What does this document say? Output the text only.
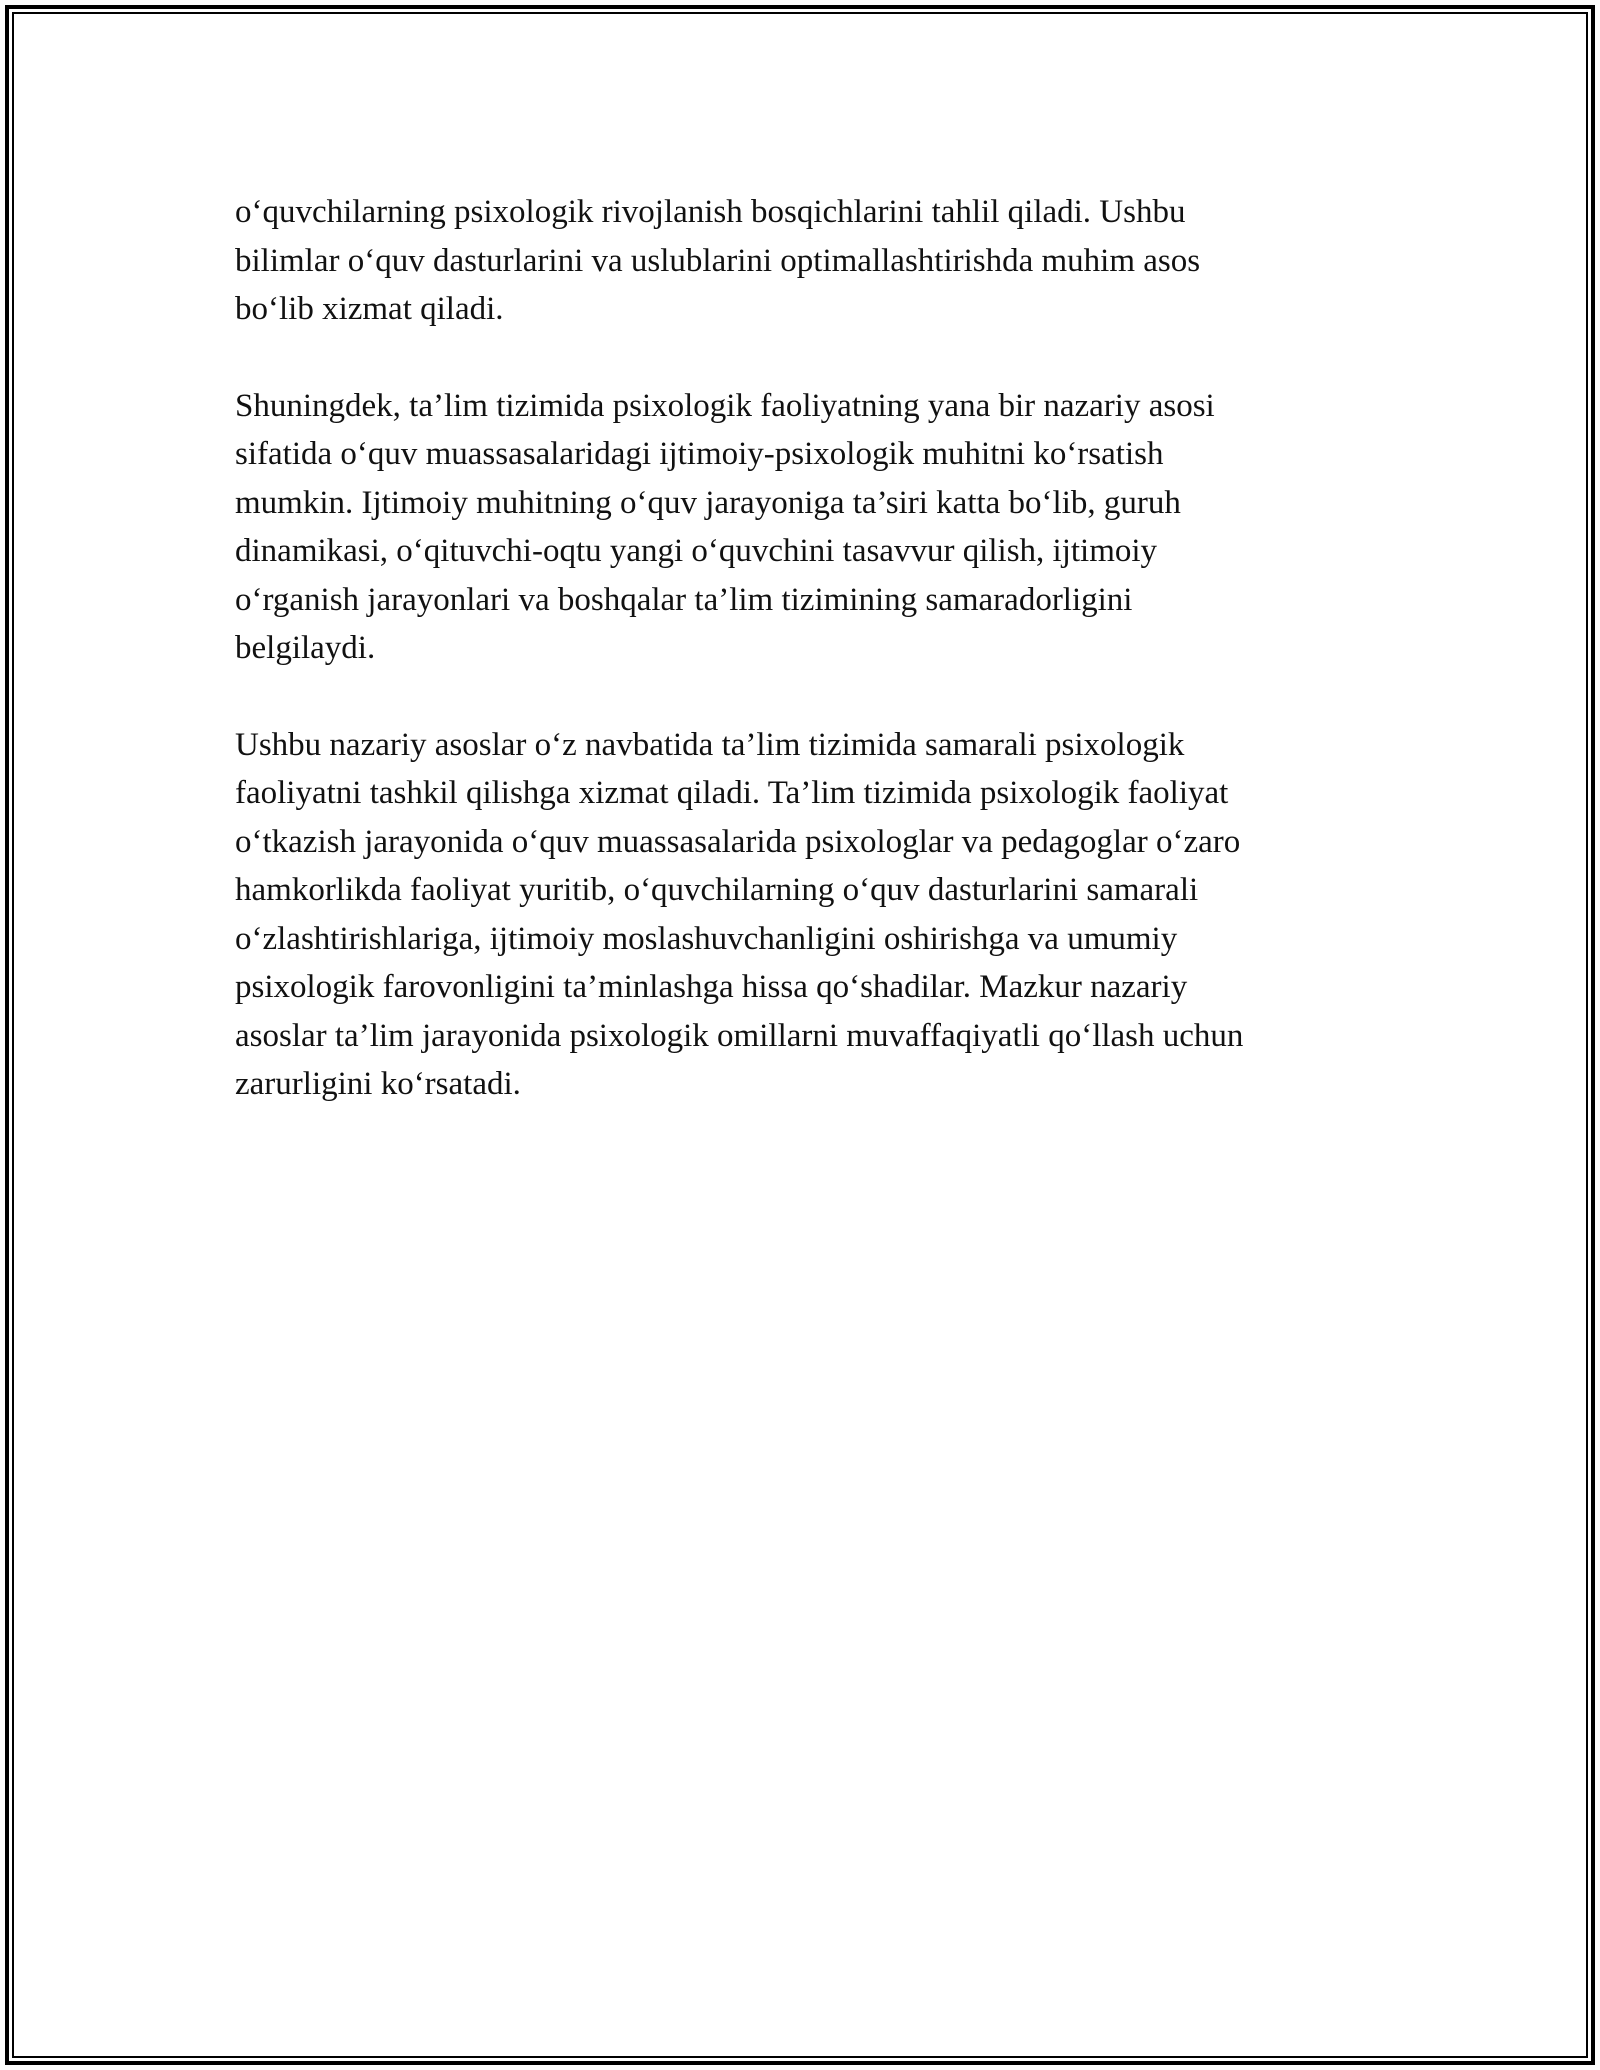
o‘quvchilarning psixologik rivojlanish bosqichlarini tahlil qiladi. Ushbu
bilimlar o‘quv dasturlarini va uslublarini optimallashtirishda muhim asos
bo‘lib xizmat qiladi.

Shuningdek, ta’lim tizimida psixologik faoliyatning yana bir nazariy asosi
sifatida o‘quv muassasalaridagi ijtimoiy-psixologik muhitni ko‘rsatish
mumkin. Ijtimoiy muhitning o‘quv jarayoniga ta’siri katta bo‘lib, guruh
dinamikasi, o‘qituvchi-oqtu yangi o‘quvchini tasavvur qilish, ijtimoiy
o‘rganish jarayonlari va boshqalar ta’lim tizimining samaradorligini
belgilaydi.

Ushbu nazariy asoslar o‘z navbatida ta’lim tizimida samarali psixologik
faoliyatni tashkil qilishga xizmat qiladi. Ta’lim tizimida psixologik faoliyat
o‘tkazish jarayonida o‘quv muassasalarida psixologlar va pedagoglar o‘zaro
hamkorlikda faoliyat yuritib, o‘quvchilarning o‘quv dasturlarini samarali
o‘zlashtirishlariga, ijtimoiy moslashuvchanligini oshirishga va umumiy
psixologik farovonligini ta’minlashga hissa qo‘shadilar. Mazkur nazariy
asoslar ta’lim jarayonida psixologik omillarni muvaffaqiyatli qo‘llash uchun
zarurligini ko‘rsatadi.
